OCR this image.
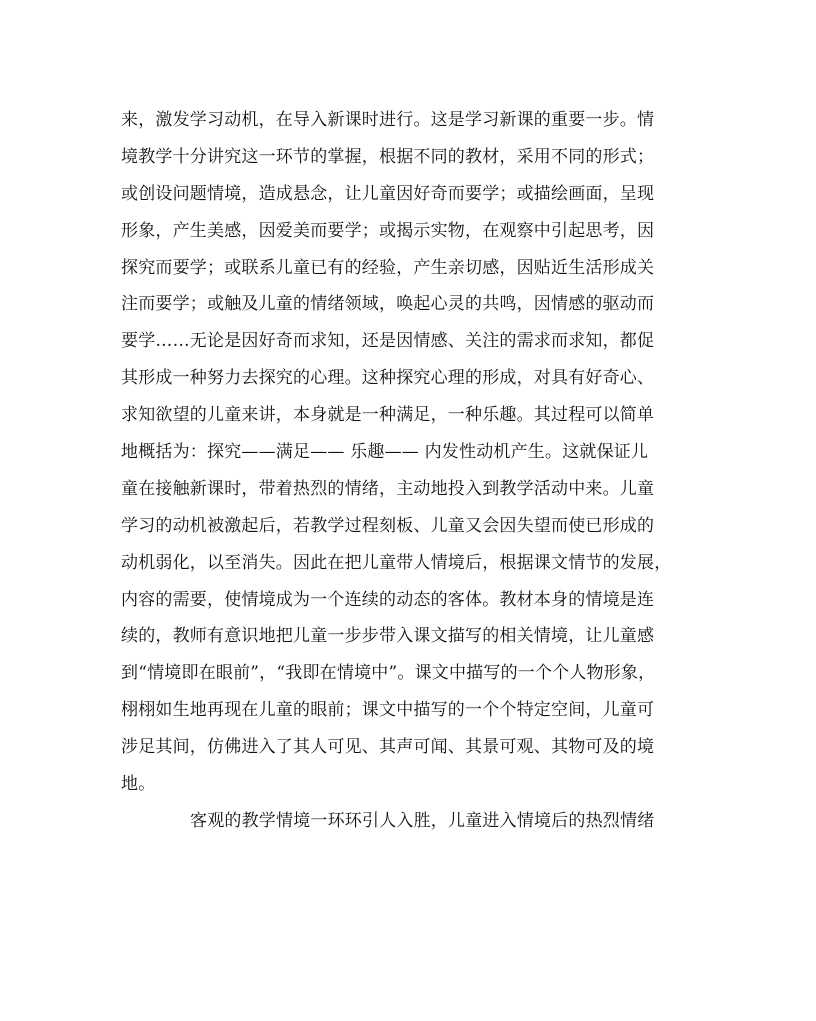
来，激发学习动机，在导入新课时进行。这是学习新课的重要一步。情
境教学十分讲究这一环节的掌握，根据不同的教材，采用不同的形式；
或创设问题情境，造成悬念，让儿童因好奇而要学；或描绘画面，呈现
形象，产生美感，因爱美而要学；或揭示实物，在观察中引起思考，因
探究而要学；或联系儿童已有的经验，产生亲切感，因贴近生活形成关
注而要学；或触及儿童的情绪领域，唤起心灵的共鸣，因情感的驱动而
要学……无论是因好奇而求知，还是因情感、关注的需求而求知，都促
其形成一种努力去探究的心理。这种探究心理的形成，对具有好奇心、
求知欲望的儿童来讲，本身就是一种满足，一种乐趣。其过程可以简单
地概括为：探究——满足—— 乐趣—— 内发性动机产生。这就保证儿
童在接触新课时，带着热烈的情绪，主动地投入到教学活动中来。儿童
学习的动机被激起后，若教学过程刻板、儿童又会因失望而使已形成的
动机弱化，以至消失。因此在把儿童带人情境后，根据课文情节的发展，
内容的需要，使情境成为一个连续的动态的客体。教材本身的情境是连
续的，教师有意识地把儿童一步步带入课文描写的相关情境，让儿童感
到“情境即在眼前”，“我即在情境中”。课文中描写的一个个人物形象，
栩栩如生地再现在儿童的眼前；课文中描写的一个个特定空间，儿童可
涉足其间，仿佛进入了其人可见、其声可闻、其景可观、其物可及的境
地。
客观的教学情境一环环引人入胜，儿童进入情境后的热烈情绪
